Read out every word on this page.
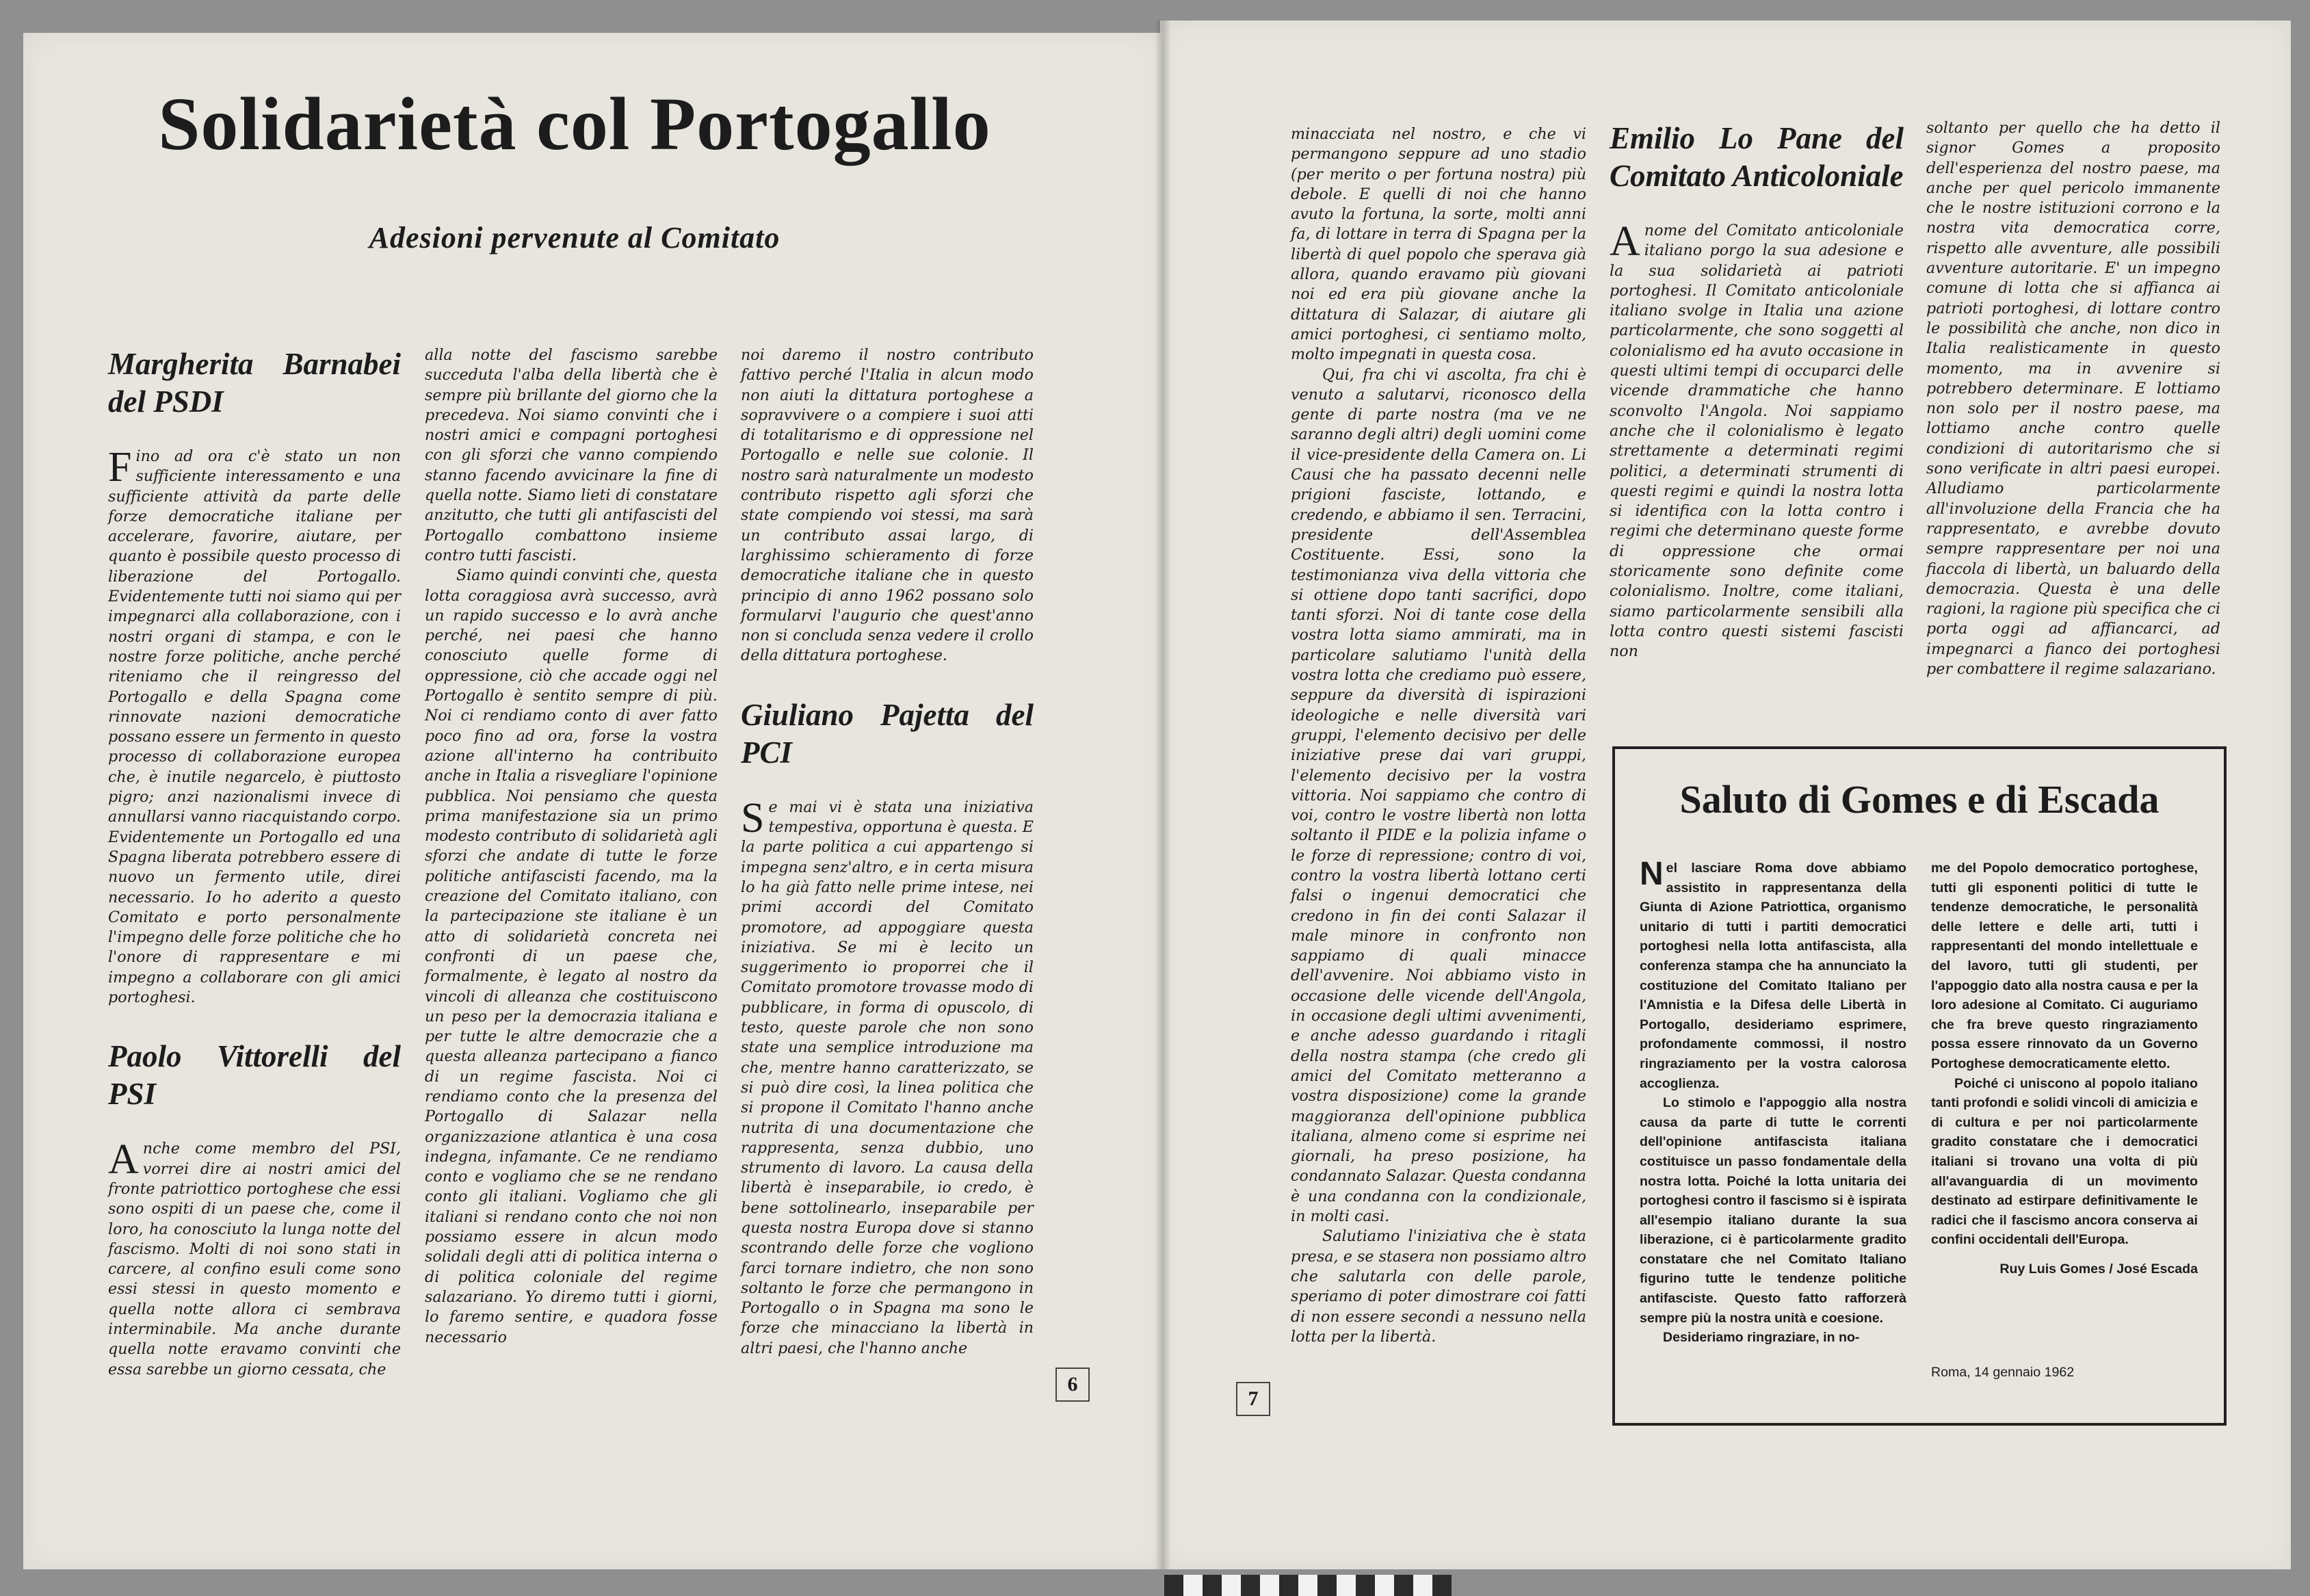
Solidarietà col Portogallo
Adesioni pervenute al Comitato
Margherita Barnabei del PSDI

Fino ad ora c'è stato un non sufficiente interessamento e una sufficiente attività da parte delle forze democratiche italiane per accelerare, favorire, aiutare, per quanto è possibile questo processo di liberazione del Portogallo. Evidentemente tutti noi siamo qui per impegnarci alla collaborazione, con i nostri organi di stampa, e con le nostre forze politiche, anche perché riteniamo che il reingresso del Portogallo e della Spagna come rinnovate nazioni democratiche possano essere un fermento in questo processo di collaborazione europea che, è inutile negarcelo, è piuttosto pigro; anzi nazionalismi invece di annullarsi vanno riacquistando corpo. Evidentemente un Portogallo ed una Spagna liberata potrebbero essere di nuovo un fermento utile, direi necessario. Io ho aderito a questo Comitato e porto personalmente l'impegno delle forze politiche che ho l'onore di rappresentare e mi impegno a collaborare con gli amici portoghesi.

Paolo Vittorelli del PSI

Anche come membro del PSI, vorrei dire ai nostri amici del fronte patriottico portoghese che essi sono ospiti di un paese che, come il loro, ha conosciuto la lunga notte del fascismo. Molti di noi sono stati in carcere, al confino esuli come sono essi stessi in questo momento e quella notte allora ci sembrava interminabile. Ma anche durante quella notte eravamo convinti che essa sarebbe un giorno cessata, che

alla notte del fascismo sarebbe succeduta l'alba della libertà che è sempre più brillante del giorno che la precedeva. Noi siamo convinti che i nostri amici e compagni portoghesi con gli sforzi che vanno compiendo stanno facendo avvicinare la fine di quella notte. Siamo lieti di constatare anzitutto, che tutti gli antifascisti del Portogallo combattono insieme contro tutti fascisti.

Siamo quindi convinti che, questa lotta coraggiosa avrà successo, avrà un rapido successo e lo avrà anche perché, nei paesi che hanno conosciuto quelle forme di oppressione, ciò che accade oggi nel Portogallo è sentito sempre di più. Noi ci rendiamo conto di aver fatto poco fino ad ora, forse la vostra azione all'interno ha contribuito anche in Italia a risvegliare l'opinione pubblica. Noi pensiamo che questa prima manifestazione sia un primo modesto contributo di solidarietà agli sforzi che andate di tutte le forze politiche antifascisti facendo, ma la creazione del Comitato italiano, con la partecipazione ste italiane è un atto di solidarietà concreta nei confronti di un paese che, formalmente, è legato al nostro da vincoli di alleanza che costituiscono un peso per la democrazia italiana e per tutte le altre democrazie che a questa alleanza partecipano a fianco di un regime fascista. Noi ci rendiamo conto che la presenza del Portogallo di Salazar nella organizzazione atlantica è una cosa indegna, infamante. Ce ne rendiamo conto e vogliamo che se ne rendano conto gli italiani. Vogliamo che gli italiani si rendano conto che noi non possiamo essere in alcun modo solidali degli atti di politica interna o di politica coloniale del regime salazariano. Yo diremo tutti i giorni, lo faremo sentire, e quadora fosse necessario

noi daremo il nostro contributo fattivo perché l'Italia in alcun modo non aiuti la dittatura portoghese a sopravvivere o a compiere i suoi atti di totalitarismo e di oppressione nel Portogallo e nelle sue colonie. Il nostro sarà naturalmente un modesto contributo rispetto agli sforzi che state compiendo voi stessi, ma sarà un contributo assai largo, di larghissimo schieramento di forze democratiche italiane che in questo principio di anno 1962 possano solo formularvi l'augurio che quest'anno non si concluda senza vedere il crollo della dittatura portoghese.

Giuliano Pajetta del PCI

Se mai vi è stata una iniziativa tempestiva, opportuna è questa. E la parte politica a cui appartengo si impegna senz'altro, e in certa misura lo ha già fatto nelle prime intese, nei primi accordi del Comitato promotore, ad appoggiare questa iniziativa. Se mi è lecito un suggerimento io proporrei che il Comitato promotore trovasse modo di pubblicare, in forma di opuscolo, di testo, queste parole che non sono state una semplice introduzione ma che, mentre hanno caratterizzato, se si può dire così, la linea politica che si propone il Comitato l'hanno anche nutrita di una documentazione che rappresenta, senza dubbio, uno strumento di lavoro. La causa della libertà è inseparabile, io credo, è bene sottolinearlo, inseparabile per questa nostra Europa dove si stanno scontrando delle forze che vogliono farci tornare indietro, che non sono soltanto le forze che permangono in Portogallo o in Spagna ma sono le forze che minacciano la libertà in altri paesi, che l'hanno anche

6

minacciata nel nostro, e che vi permangono seppure ad uno stadio (per merito o per fortuna nostra) più debole. E quelli di noi che hanno avuto la fortuna, la sorte, molti anni fa, di lottare in terra di Spagna per la libertà di quel popolo che sperava già allora, quando eravamo più giovani noi ed era più giovane anche la dittatura di Salazar, di aiutare gli amici portoghesi, ci sentiamo molto, molto impegnati in questa cosa.

Qui, fra chi vi ascolta, fra chi è venuto a salutarvi, riconosco della gente di parte nostra (ma ve ne saranno degli altri) degli uomini come il vice-presidente della Camera on. Li Causi che ha passato decenni nelle prigioni fasciste, lottando, e credendo, e abbiamo il sen. Terracini, presidente dell'Assemblea Costituente. Essi, sono la testimonianza viva della vittoria che si ottiene dopo tanti sacrifici, dopo tanti sforzi. Noi di tante cose della vostra lotta siamo ammirati, ma in particolare salutiamo l'unità della vostra lotta che crediamo può essere, seppure da diversità di ispirazioni ideologiche e nelle diversità vari gruppi, l'elemento decisivo per delle iniziative prese dai vari gruppi, l'elemento decisivo per la vostra vittoria. Noi sappiamo che contro di voi, contro le vostre libertà non lotta soltanto il PIDE e la polizia infame o le forze di repressione; contro di voi, contro la vostra libertà lottano certi falsi o ingenui democratici che credono in fin dei conti Salazar il male minore in confronto non sappiamo di quali minacce dell'avvenire. Noi abbiamo visto in occasione delle vicende dell'Angola, in occasione degli ultimi avvenimenti, e anche adesso guardando i ritagli della nostra stampa (che credo gli amici del Comitato metteranno a vostra disposizione) come la grande maggioranza dell'opinione pubblica italiana, almeno come si esprime nei giornali, ha preso posizione, ha condannato Salazar. Questa condanna è una condanna con la condizionale, in molti casi.

Salutiamo l'iniziativa che è stata presa, e se stasera non possiamo altro che salutarla con delle parole, speriamo di poter dimostrare coi fatti di non essere secondi a nessuno nella lotta per la libertà.

Emilio Lo Pane del Comitato Anticoloniale

Anome del Comitato anticoloniale italiano porgo la sua adesione e la sua solidarietà ai patrioti portoghesi. Il Comitato anticoloniale italiano svolge in Italia una azione particolarmente, che sono soggetti al colonialismo ed ha avuto occasione in questi ultimi tempi di occuparci delle vicende drammatiche che hanno sconvolto l'Angola. Noi sappiamo anche che il colonialismo è legato strettamente a determinati regimi politici, a determinati strumenti di questi regimi e quindi la nostra lotta si identifica con la lotta contro i regimi che determinano queste forme di oppressione che ormai storicamente sono definite come colonialismo. Inoltre, come italiani, siamo particolarmente sensibili alla lotta contro questi sistemi fascisti non

soltanto per quello che ha detto il signor Gomes a proposito dell'esperienza del nostro paese, ma anche per quel pericolo immanente che le nostre istituzioni corrono e la nostra vita democratica corre, rispetto alle avventure, alle possibili avventure autoritarie. E' un impegno comune di lotta che si affianca ai patrioti portoghesi, di lottare contro le possibilità che anche, non dico in Italia realisticamente in questo momento, ma in avvenire si potrebbero determinare. E lottiamo non solo per il nostro paese, ma lottiamo anche contro quelle condizioni di autoritarismo che si sono verificate in altri paesi europei. Alludiamo particolarmente all'involuzione della Francia che ha rappresentato, e avrebbe dovuto sempre rappresentare per noi una fiaccola di libertà, un baluardo della democrazia. Questa è una delle ragioni, la ragione più specifica che ci porta oggi ad affiancarci, ad impegnarci a fianco dei portoghesi per combattere il regime salazariano.

Saluto di Gomes e di Escada

Nel lasciare Roma dove abbiamo assistito in rappresentanza della Giunta di Azione Patriottica, organismo unitario di tutti i partiti democratici portoghesi nella lotta antifascista, alla conferenza stampa che ha annunciato la costituzione del Comitato Italiano per l'Amnistia e la Difesa delle Libertà in Portogallo, desideriamo esprimere, profondamente commossi, il nostro ringraziamento per la vostra calorosa accoglienza.

Lo stimolo e l'appoggio alla nostra causa da parte di tutte le correnti dell'opinione antifascista italiana costituisce un passo fondamentale della nostra lotta. Poiché la lotta unitaria dei portoghesi contro il fascismo si è ispirata all'esempio italiano durante la sua liberazione, ci è particolarmente gradito constatare che nel Comitato Italiano figurino tutte le tendenze politiche antifasciste. Questo fatto rafforzerà sempre più la nostra unità e coesione.

Desideriamo ringraziare, in no-

me del Popolo democratico portoghese, tutti gli esponenti politici di tutte le tendenze democratiche, le personalità delle lettere e delle arti, tutti i rappresentanti del mondo intellettuale e del lavoro, tutti gli studenti, per l'appoggio dato alla nostra causa e per la loro adesione al Comitato. Ci auguriamo che fra breve questo ringraziamento possa essere rinnovato da un Governo Portoghese democraticamente eletto.

Poiché ci uniscono al popolo italiano tanti profondi e solidi vincoli di amicizia e di cultura e per noi particolarmente gradito constatare che i democratici italiani si trovano una volta di più all'avanguardia di un movimento destinato ad estirpare definitivamente le radici che il fascismo ancora conserva ai confini occidentali dell'Europa.

Ruy Luis Gomes / José Escada

Roma, 14 gennaio 1962
7
